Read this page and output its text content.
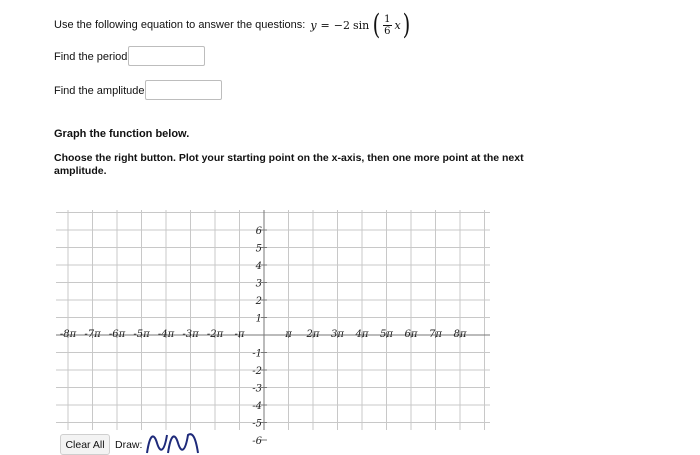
Use the following equation to answer the questions: y = −2 sin ( $\frac{1}{6}$ x )
Find the period
Find the amplitude
Graph the function below.
Choose the right button. Plot your starting point on the x-axis, then one more point at the next amplitude.
-8π -7π -6π -5π -4π -3π -2π -π	π 2π 3π 4π 5π 6π 7π 8π
6
5
4
3
2
1
-1
-2
-3
-4
-5
-6
Clear All Draw:
